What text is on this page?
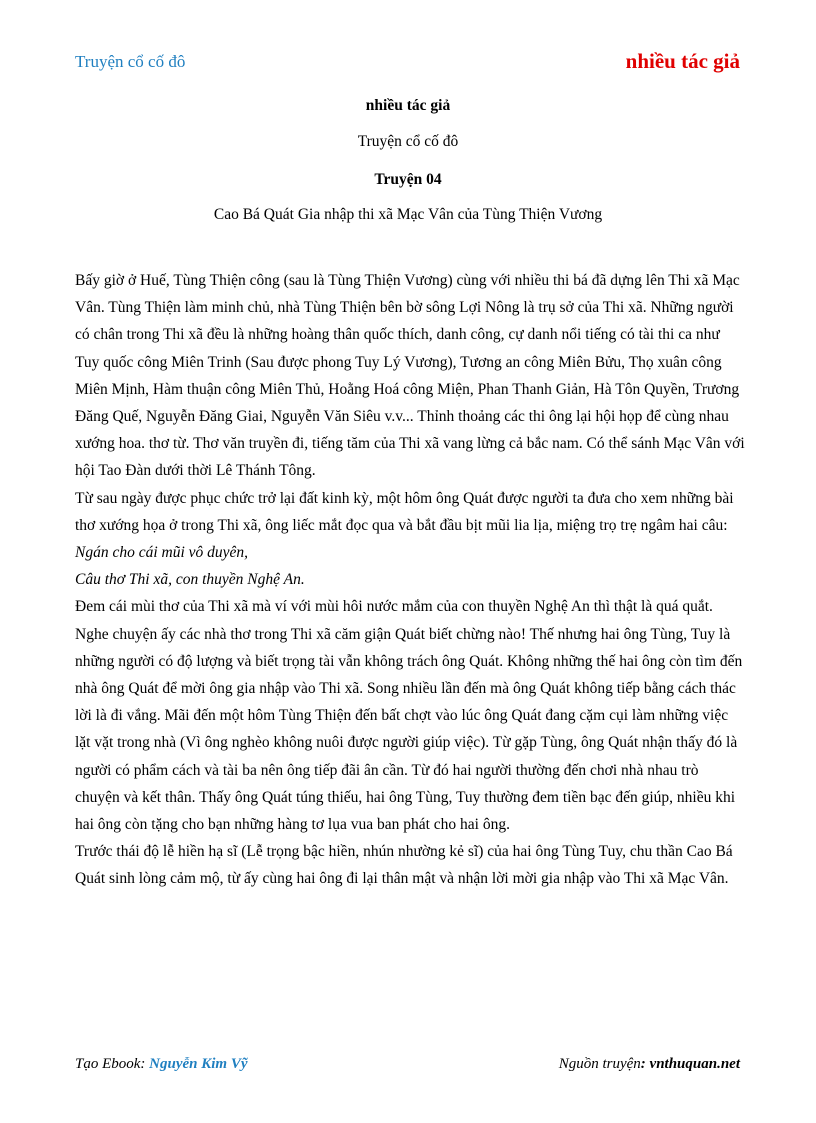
Truyện cổ cố đô	nhiều tác giả
nhiều tác giả
Truyện cổ cố đô
Truyện 04
Cao Bá Quát Gia nhập thi xã Mạc Vân của Tùng Thiện Vương

Bấy giờ ở Huế, Tùng Thiện công (sau là Tùng Thiện Vương) cùng với nhiều thi bá đã dựng lên Thi xã Mạc Vân. Tùng Thiện làm minh chủ, nhà Tùng Thiện bên bờ sông Lợi Nông là trụ sở của Thi xã. Những người có chân trong Thi xã đều là những hoàng thân quốc thích, danh công, cự danh nổi tiếng có tài thi ca như Tuy quốc công Miên Trinh (Sau được phong Tuy Lý Vương), Tương an công Miên Bửu, Thọ xuân công Miên Mịnh, Hàm thuận công Miên Thủ, Hoằng Hoá công Miện, Phan Thanh Giản, Hà Tôn Quyền, Trương Đăng Quế, Nguyễn Đăng Giai, Nguyễn Văn Siêu v.v... Thỉnh thoảng các thi ông lại hội họp để cùng nhau xướng hoa. thơ từ. Thơ văn truyền đi, tiếng tăm của Thi xã vang lừng cả bắc nam. Có thể sánh Mạc Vân với hội Tao Đàn dưới thời Lê Thánh Tông.

Từ sau ngày được phục chức trở lại đất kinh kỳ, một hôm ông Quát được người ta đưa cho xem những bài thơ xướng họa ở trong Thi xã, ông liếc mắt đọc qua và bắt đầu bịt mũi lia lịa, miệng trọ trẹ ngâm hai câu:

Ngán cho cái mũi vô duyên,

Câu thơ Thi xã, con thuyền Nghệ An.

Đem cái mùi thơ của Thi xã mà ví với mùi hôi nước mắm của con thuyền Nghệ An thì thật là quá quắt. Nghe chuyện ấy các nhà thơ trong Thi xã căm giận Quát biết chừng nào! Thế nhưng hai ông Tùng, Tuy là những người có độ lượng và biết trọng tài vẫn không trách ông Quát. Không những thế hai ông còn tìm đến nhà ông Quát để mời ông gia nhập vào Thi xã. Song nhiều lần đến mà ông Quát không tiếp bằng cách thác lời là đi vắng. Mãi đến một hôm Tùng Thiện đến bất chợt vào lúc ông Quát đang cặm cụi làm những việc lặt vặt trong nhà (Vì ông nghèo không nuôi được người giúp việc). Từ gặp Tùng, ông Quát nhận thấy đó là người có phẩm cách và tài ba nên ông tiếp đãi ân cần. Từ đó hai người thường đến chơi nhà nhau trò chuyện và kết thân. Thấy ông Quát túng thiếu, hai ông Tùng, Tuy thường đem tiền bạc đến giúp, nhiều khi hai ông còn tặng cho bạn những hàng tơ lụa vua ban phát cho hai ông.

Trước thái độ lễ hiền hạ sĩ (Lễ trọng bậc hiền, nhún nhường kẻ sĩ) của hai ông Tùng Tuy, chu thần Cao Bá Quát sinh lòng cảm mộ, từ ấy cùng hai ông đi lại thân mật và nhận lời mời gia nhập vào Thi xã Mạc Vân.

Tạo Ebook: Nguyễn Kim Vỹ	Nguồn truyện: vnthuquan.net
